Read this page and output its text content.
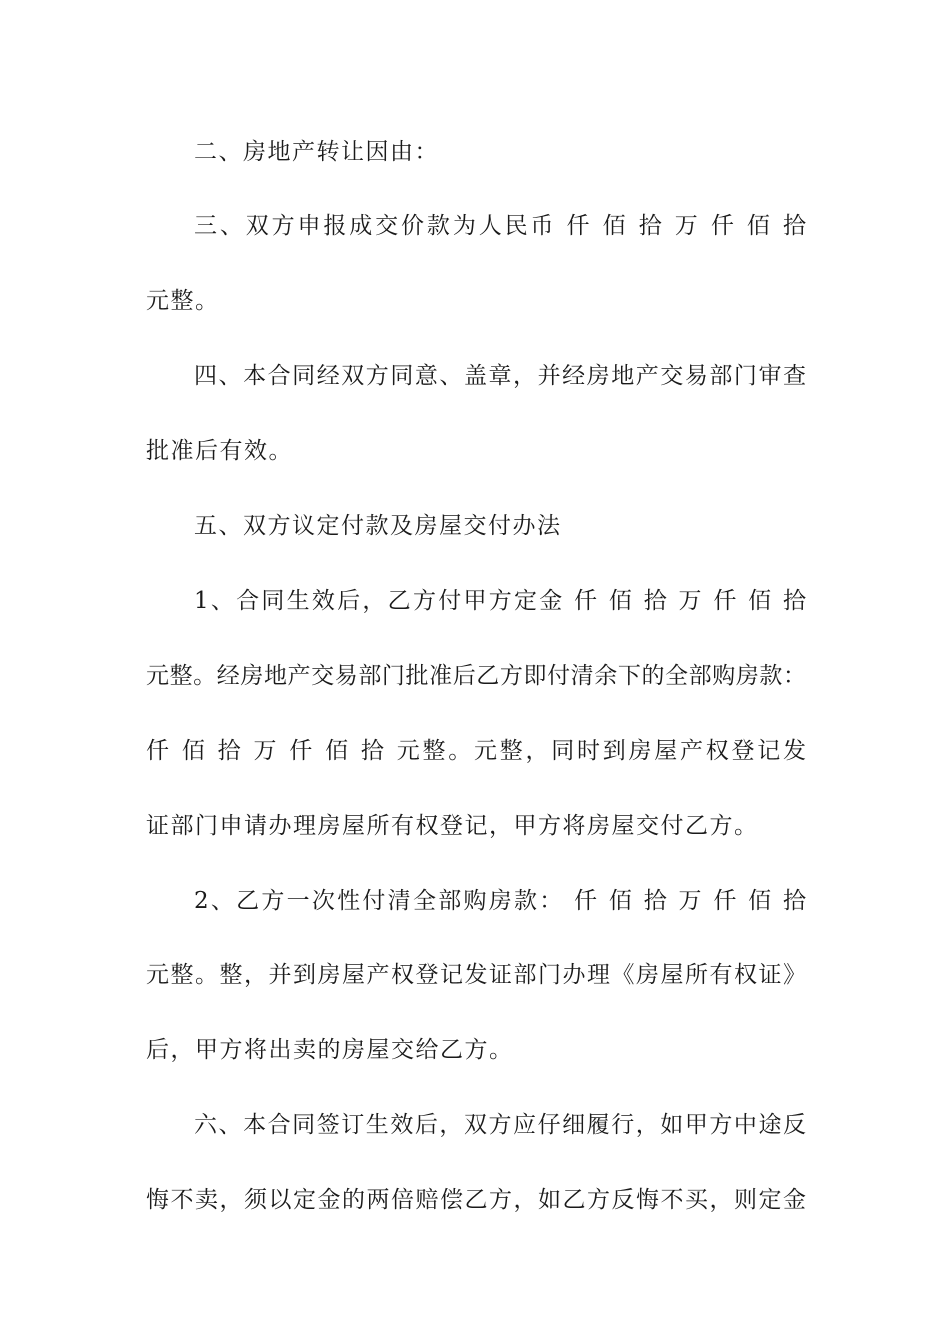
二、房地产转让因由：
三、双方申报成交价款为人民币 仟 佰 拾 万 仟 佰 拾
元整。
四、本合同经双方同意、盖章，并经房地产交易部门审查
批准后有效。
五、双方议定付款及房屋交付办法
1、合同生效后，乙方付甲方定金 仟 佰 拾 万 仟 佰 拾
元整。经房地产交易部门批准后乙方即付清余下的全部购房款：
仟 佰 拾 万 仟 佰 拾 元整。元整，同时到房屋产权登记发
证部门申请办理房屋所有权登记，甲方将房屋交付乙方。
2、乙方一次性付清全部购房款： 仟 佰 拾 万 仟 佰 拾
元整。整，并到房屋产权登记发证部门办理《房屋所有权证》
后，甲方将出卖的房屋交给乙方。
六、本合同签订生效后，双方应仔细履行，如甲方中途反
悔不卖，须以定金的两倍赔偿乙方，如乙方反悔不买，则定金
